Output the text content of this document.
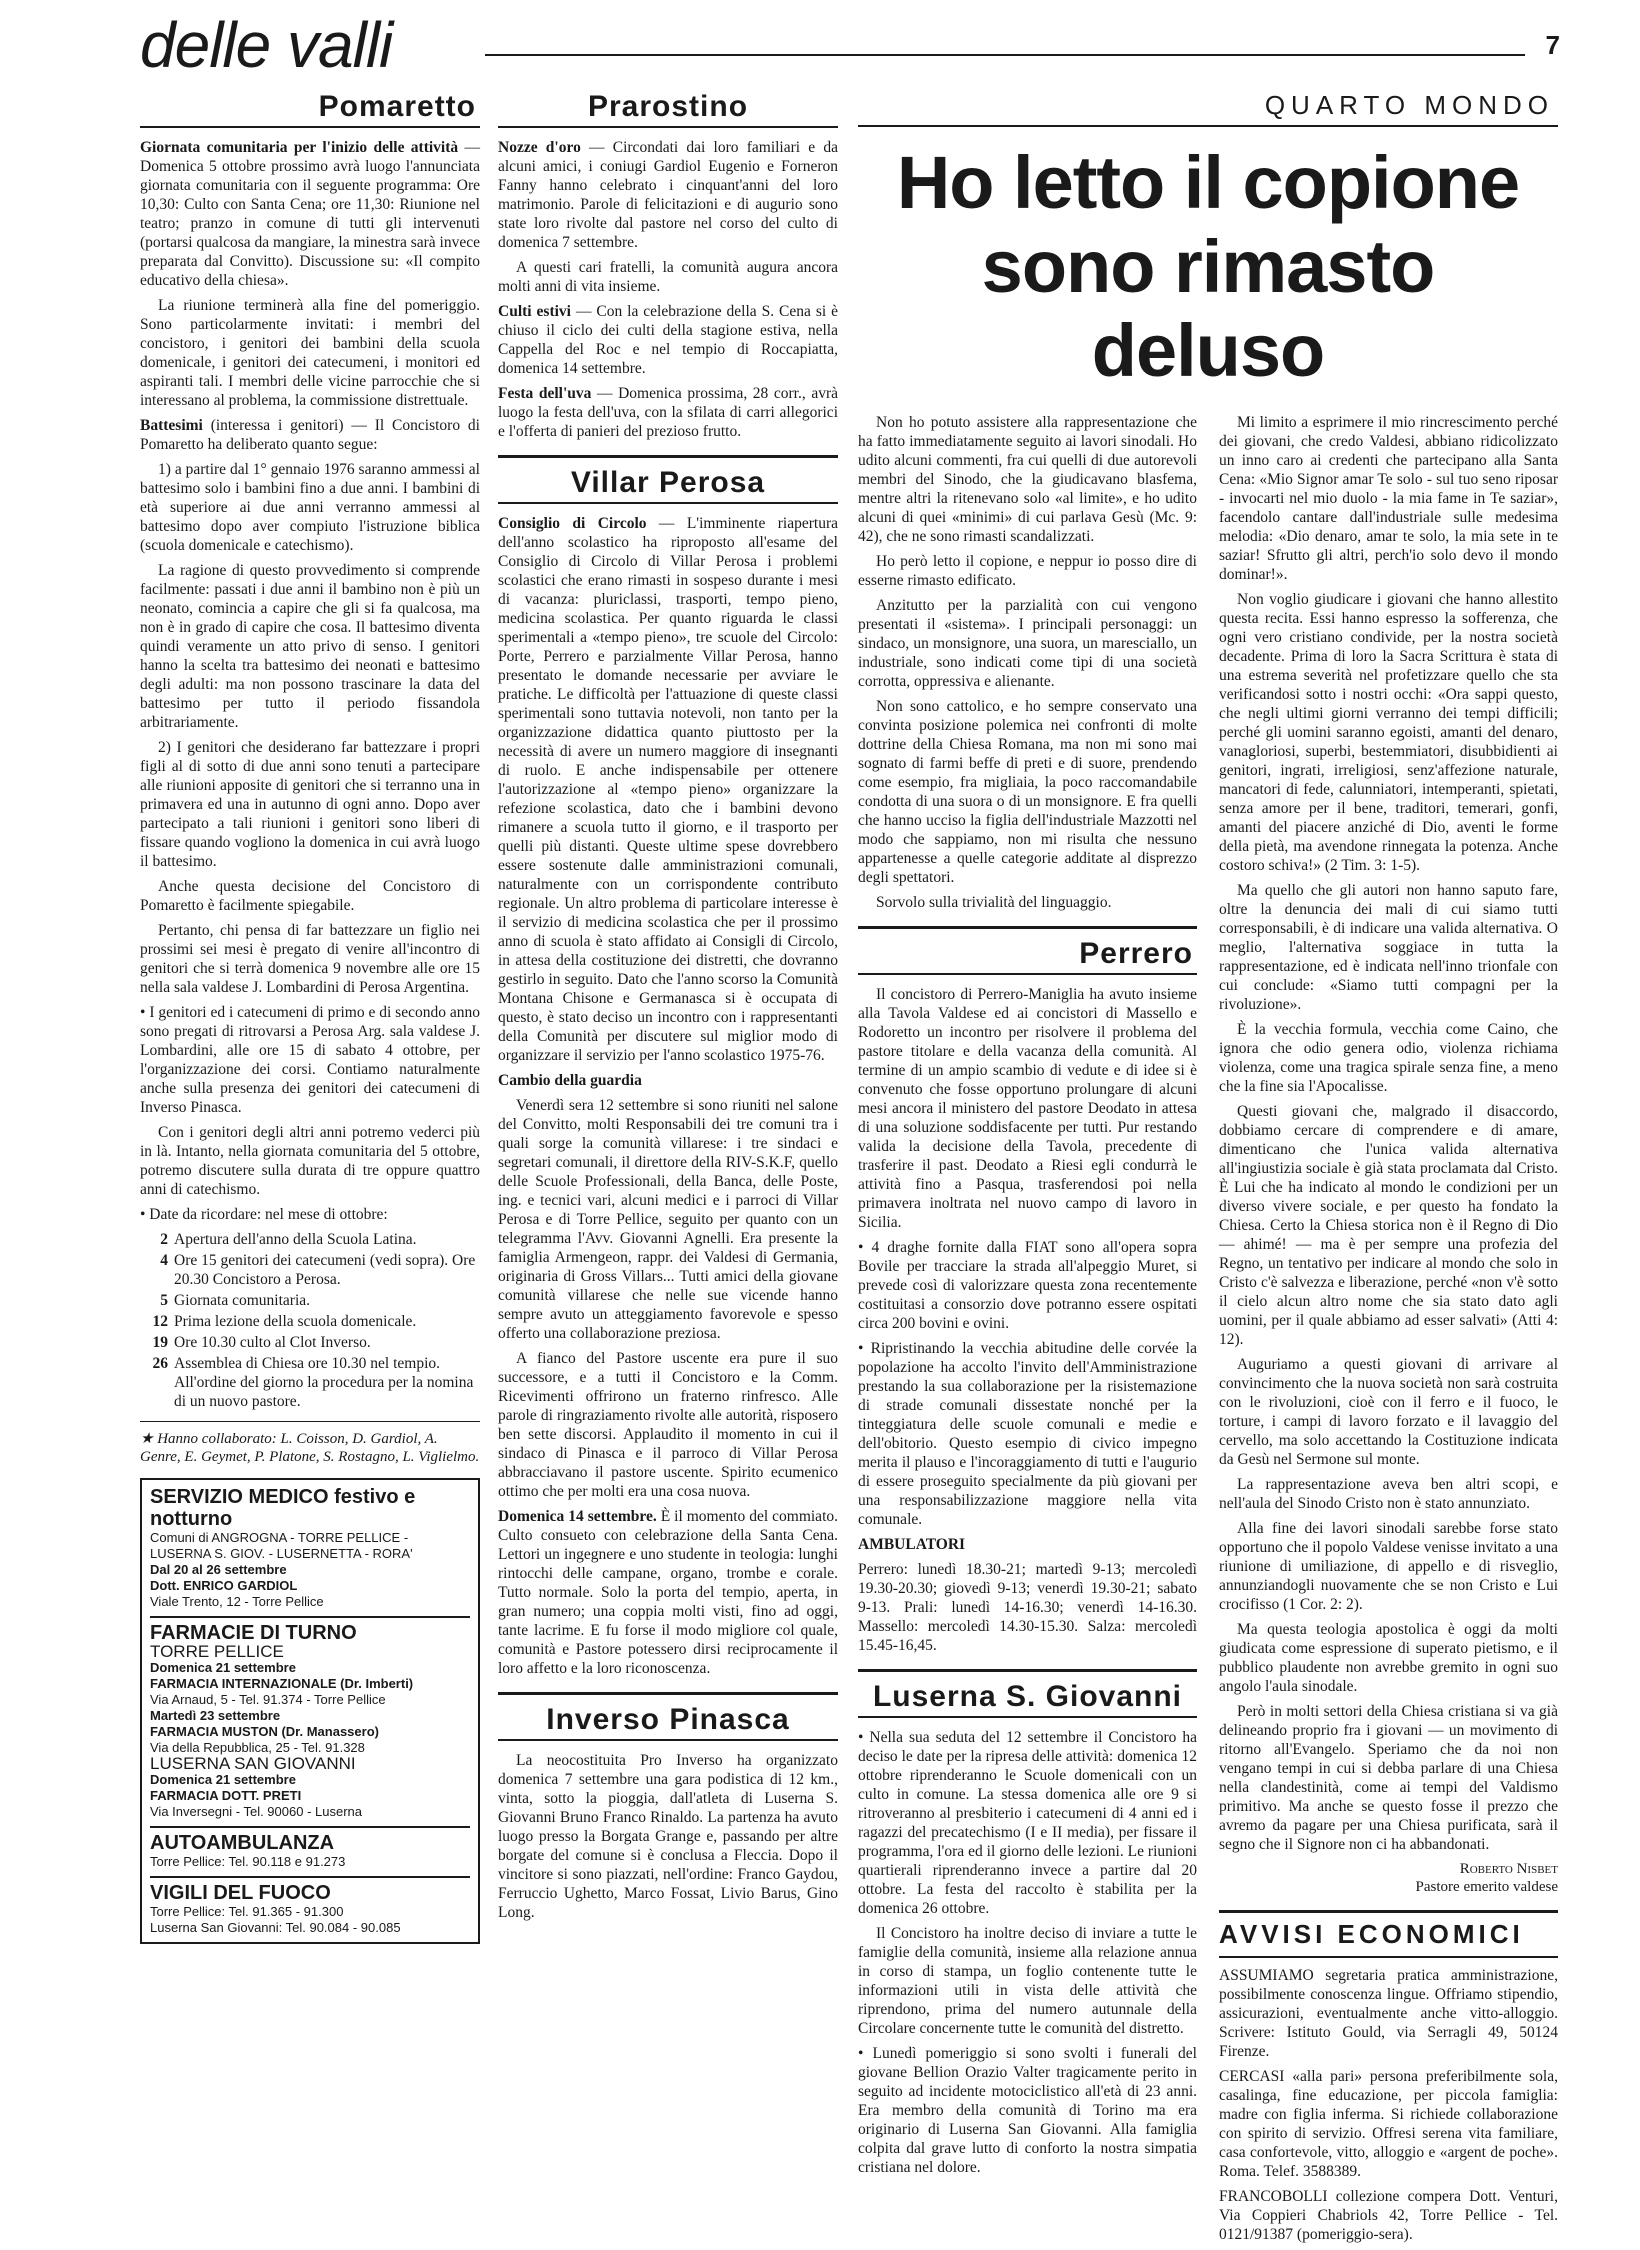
delle valli	7
Pomaretto

Giornata comunitaria per l'inizio delle attività — Domenica 5 ottobre prossimo avrà luogo l'annunciata giornata comunitaria con il seguente programma: Ore 10,30: Culto con Santa Cena; ore 11,30: Riunione nel teatro; pranzo in comune di tutti gli intervenuti (portarsi qualcosa da mangiare, la minestra sarà invece preparata dal Convitto). Discussione su: «Il compito educativo della chiesa».

La riunione terminerà alla fine del pomeriggio. Sono particolarmente invitati: i membri del concistoro, i genitori dei bambini della scuola domenicale, i genitori dei catecumeni, i monitori ed aspiranti tali. I membri delle vicine parrocchie che si interessano al problema, la commissione distrettuale.

Battesimi (interessa i genitori) — Il Concistoro di Pomaretto ha deliberato quanto segue:

1) a partire dal 1° gennaio 1976 saranno ammessi al battesimo solo i bambini fino a due anni. I bambini di età superiore ai due anni verranno ammessi al battesimo dopo aver compiuto l'istruzione biblica (scuola domenicale e catechismo).

La ragione di questo provvedimento si comprende facilmente: passati i due anni il bambino non è più un neonato, comincia a capire che gli si fa qualcosa, ma non è in grado di capire che cosa. Il battesimo diventa quindi veramente un atto privo di senso. I genitori hanno la scelta tra battesimo dei neonati e battesimo degli adulti: ma non possono trascinare la data del battesimo per tutto il periodo fissandola arbitrariamente.

2) I genitori che desiderano far battezzare i propri figli al di sotto di due anni sono tenuti a partecipare alle riunioni apposite di genitori che si terranno una in primavera ed una in autunno di ogni anno. Dopo aver partecipato a tali riunioni i genitori sono liberi di fissare quando vogliono la domenica in cui avrà luogo il battesimo.

Anche questa decisione del Concistoro di Pomaretto è facilmente spiegabile.

Pertanto, chi pensa di far battezzare un figlio nei prossimi sei mesi è pregato di venire all'incontro di genitori che si terrà domenica 9 novembre alle ore 15 nella sala valdese J. Lombardini di Perosa Argentina.

• I genitori ed i catecumeni di primo e di secondo anno sono pregati di ritrovarsi a Perosa Arg. sala valdese J. Lombardini, alle ore 15 di sabato 4 ottobre, per l'organizzazione dei corsi. Contiamo naturalmente anche sulla presenza dei genitori dei catecumeni di Inverso Pinasca.

Con i genitori degli altri anni potremo vederci più in là. Intanto, nella giornata comunitaria del 5 ottobre, potremo discutere sulla durata di tre oppure quattro anni di catechismo.

• Date da ricordare: nel mese di ottobre:

2 Apertura dell'anno della Scuola Latina.
4 Ore 15 genitori dei catecumeni (vedi sopra). Ore 20.30 Concistoro a Perosa.
5 Giornata comunitaria.
12 Prima lezione della scuola domenicale.
19 Ore 10.30 culto al Clot Inverso.
26 Assemblea di Chiesa ore 10.30 nel tempio. All'ordine del giorno la procedura per la nomina di un nuovo pastore.
★ Hanno collaborato: L. Coisson, D. Gardiol, A. Genre, E. Geymet, P. Platone, S. Rostagno, L. Viglielmo.
SERVIZIO MEDICO festivo e notturno
Comuni di ANGROGNA - TORRE PELLICE -
LUSERNA S. GIOV. - LUSERNETTA - RORA'
Dal 20 al 26 settembre
Dott. ENRICO GARDIOL
Viale Trento, 12 - Torre Pellice
FARMACIE DI TURNO
TORRE PELLICE
Domenica 21 settembre
FARMACIA INTERNAZIONALE (Dr. Imberti)
Via Arnaud, 5 - Tel. 91.374 - Torre Pellice
Martedì 23 settembre
FARMACIA MUSTON (Dr. Manassero)
Via della Repubblica, 25 - Tel. 91.328
LUSERNA SAN GIOVANNI
Domenica 21 settembre
FARMACIA DOTT. PRETI
Via Inversegni - Tel. 90060 - Luserna
AUTOAMBULANZA
Torre Pellice: Tel. 90.118 e 91.273
VIGILI DEL FUOCO
Torre Pellice: Tel. 91.365 - 91.300
Luserna San Giovanni: Tel. 90.084 - 90.085
Prarostino

Nozze d'oro — Circondati dai loro familiari e da alcuni amici, i coniugi Gardiol Eugenio e Forneron Fanny hanno celebrato i cinquant'anni del loro matrimonio. Parole di felicitazioni e di augurio sono state loro rivolte dal pastore nel corso del culto di domenica 7 settembre.

A questi cari fratelli, la comunità augura ancora molti anni di vita insieme.

Culti estivi — Con la celebrazione della S. Cena si è chiuso il ciclo dei culti della stagione estiva, nella Cappella del Roc e nel tempio di Roccapiatta, domenica 14 settembre.

Festa dell'uva — Domenica prossima, 28 corr., avrà luogo la festa dell'uva, con la sfilata di carri allegorici e l'offerta di panieri del prezioso frutto.

Villar Perosa

Consiglio di Circolo — L'imminente riapertura dell'anno scolastico ha riproposto all'esame del Consiglio di Circolo di Villar Perosa i problemi scolastici che erano rimasti in sospeso durante i mesi di vacanza: pluriclassi, trasporti, tempo pieno, medicina scolastica. Per quanto riguarda le classi sperimentali a «tempo pieno», tre scuole del Circolo: Porte, Perrero e parzialmente Villar Perosa, hanno presentato le domande necessarie per avviare le pratiche. Le difficoltà per l'attuazione di queste classi sperimentali sono tuttavia notevoli, non tanto per la organizzazione didattica quanto piuttosto per la necessità di avere un numero maggiore di insegnanti di ruolo. E anche indispensabile per ottenere l'autorizzazione al «tempo pieno» organizzare la refezione scolastica, dato che i bambini devono rimanere a scuola tutto il giorno, e il trasporto per quelli più distanti. Queste ultime spese dovrebbero essere sostenute dalle amministrazioni comunali, naturalmente con un corrispondente contributo regionale. Un altro problema di particolare interesse è il servizio di medicina scolastica che per il prossimo anno di scuola è stato affidato ai Consigli di Circolo, in attesa della costituzione dei distretti, che dovranno gestirlo in seguito. Dato che l'anno scorso la Comunità Montana Chisone e Germanasca si è occupata di questo, è stato deciso un incontro con i rappresentanti della Comunità per discutere sul miglior modo di organizzare il servizio per l'anno scolastico 1975-76.

Cambio della guardia

Venerdì sera 12 settembre si sono riuniti nel salone del Convitto, molti Responsabili dei tre comuni tra i quali sorge la comunità villarese: i tre sindaci e segretari comunali, il direttore della RIV-S.K.F, quello delle Scuole Professionali, della Banca, delle Poste, ing. e tecnici vari, alcuni medici e i parroci di Villar Perosa e di Torre Pellice, seguito per quanto con un telegramma l'Avv. Giovanni Agnelli. Era presente la famiglia Armengeon, rappr. dei Valdesi di Germania, originaria di Gross Villars... Tutti amici della giovane comunità villarese che nelle sue vicende hanno sempre avuto un atteggiamento favorevole e spesso offerto una collaborazione preziosa.

A fianco del Pastore uscente era pure il suo successore, e a tutti il Concistoro e la Comm. Ricevimenti offrirono un fraterno rinfresco. Alle parole di ringraziamento rivolte alle autorità, risposero ben sette discorsi. Applaudito il momento in cui il sindaco di Pinasca e il parroco di Villar Perosa abbracciavano il pastore uscente. Spirito ecumenico ottimo che per molti era una cosa nuova.

Domenica 14 settembre. È il momento del commiato. Culto consueto con celebrazione della Santa Cena. Lettori un ingegnere e uno studente in teologia: lunghi rintocchi delle campane, organo, trombe e corale. Tutto normale. Solo la porta del tempio, aperta, in gran numero; una coppia molti visti, fino ad oggi, tante lacrime. E fu forse il modo migliore col quale, comunità e Pastore potessero dirsi reciprocamente il loro affetto e la loro riconoscenza.

Inverso Pinasca

La neocostituita Pro Inverso ha organizzato domenica 7 settembre una gara podistica di 12 km., vinta, sotto la pioggia, dall'atleta di Luserna S. Giovanni Bruno Franco Rinaldo. La partenza ha avuto luogo presso la Borgata Grange e, passando per altre borgate del comune si è conclusa a Fleccia. Dopo il vincitore si sono piazzati, nell'ordine: Franco Gaydou, Ferruccio Ughetto, Marco Fossat, Livio Barus, Gino Long.

QUARTO MONDO
Ho letto il copione sono rimasto deluso

Non ho potuto assistere alla rappresentazione che ha fatto immediatamente seguito ai lavori sinodali. Ho udito alcuni commenti, fra cui quelli di due autorevoli membri del Sinodo, che la giudicavano blasfema, mentre altri la ritenevano solo «al limite», e ho udito alcuni di quei «minimi» di cui parlava Gesù (Mc. 9: 42), che ne sono rimasti scandalizzati.

Ho però letto il copione, e neppur io posso dire di esserne rimasto edificato.

Anzitutto per la parzialità con cui vengono presentati il «sistema». I principali personaggi: un sindaco, un monsignore, una suora, un maresciallo, un industriale, sono indicati come tipi di una società corrotta, oppressiva e alienante.

Non sono cattolico, e ho sempre conservato una convinta posizione polemica nei confronti di molte dottrine della Chiesa Romana, ma non mi sono mai sognato di farmi beffe di preti e di suore, prendendo come esempio, fra migliaia, la poco raccomandabile condotta di una suora o di un monsignore. E fra quelli che hanno ucciso la figlia dell'industriale Mazzotti nel modo che sappiamo, non mi risulta che nessuno appartenesse a quelle categorie additate al disprezzo degli spettatori.

Sorvolo sulla trivialità del linguaggio.

Perrero

Il concistoro di Perrero-Maniglia ha avuto insieme alla Tavola Valdese ed ai concistori di Massello e Rodoretto un incontro per risolvere il problema del pastore titolare e della vacanza della comunità. Al termine di un ampio scambio di vedute e di idee si è convenuto che fosse opportuno prolungare di alcuni mesi ancora il ministero del pastore Deodato in attesa di una soluzione soddisfacente per tutti. Pur restando valida la decisione della Tavola, precedente di trasferire il past. Deodato a Riesi egli condurrà le attività fino a Pasqua, trasferendosi poi nella primavera inoltrata nel nuovo campo di lavoro in Sicilia.

• 4 draghe fornite dalla FIAT sono all'opera sopra Bovile per tracciare la strada all'alpeggio Muret, si prevede così di valorizzare questa zona recentemente costituitasi a consorzio dove potranno essere ospitati circa 200 bovini e ovini.

• Ripristinando la vecchia abitudine delle corvée la popolazione ha accolto l'invito dell'Amministrazione prestando la sua collaborazione per la risistemazione di strade comunali dissestate nonché per la tinteggiatura delle scuole comunali e medie e dell'obitorio. Questo esempio di civico impegno merita il plauso e l'incoraggiamento di tutti e l'augurio di essere proseguito specialmente da più giovani per una responsabilizzazione maggiore nella vita comunale.

AMBULATORI

Perrero: lunedì 18.30-21; martedì 9-13; mercoledì 19.30-20.30; giovedì 9-13; venerdì 19.30-21; sabato 9-13. Prali: lunedì 14-16.30; venerdì 14-16.30. Massello: mercoledì 14.30-15.30. Salza: mercoledì 15.45-16,45.

Luserna S. Giovanni

• Nella sua seduta del 12 settembre il Concistoro ha deciso le date per la ripresa delle attività: domenica 12 ottobre riprenderanno le Scuole domenicali con un culto in comune. La stessa domenica alle ore 9 si ritroveranno al presbiterio i catecumeni di 4 anni ed i ragazzi del precatechismo (I e II media), per fissare il programma, l'ora ed il giorno delle lezioni. Le riunioni quartierali riprenderanno invece a partire dal 20 ottobre. La festa del raccolto è stabilita per la domenica 26 ottobre.

Il Concistoro ha inoltre deciso di inviare a tutte le famiglie della comunità, insieme alla relazione annua in corso di stampa, un foglio contenente tutte le informazioni utili in vista delle attività che riprendono, prima del numero autunnale della Circolare concernente tutte le comunità del distretto.

• Lunedì pomeriggio si sono svolti i funerali del giovane Bellion Orazio Valter tragicamente perito in seguito ad incidente motociclistico all'età di 23 anni. Era membro della comunità di Torino ma era originario di Luserna San Giovanni. Alla famiglia colpita dal grave lutto di conforto la nostra simpatia cristiana nel dolore.

Mi limito a esprimere il mio rincrescimento perché dei giovani, che credo Valdesi, abbiano ridicolizzato un inno caro ai credenti che partecipano alla Santa Cena: «Mio Signor amar Te solo - sul tuo seno riposar - invocarti nel mio duolo - la mia fame in Te saziar», facendolo cantare dall'industriale sulle medesima melodia: «Dio denaro, amar te solo, la mia sete in te saziar! Sfrutto gli altri, perch'io solo devo il mondo dominar!».

Non voglio giudicare i giovani che hanno allestito questa recita. Essi hanno espresso la sofferenza, che ogni vero cristiano condivide, per la nostra società decadente. Prima di loro la Sacra Scrittura è stata di una estrema severità nel profetizzare quello che sta verificandosi sotto i nostri occhi: «Ora sappi questo, che negli ultimi giorni verranno dei tempi difficili; perché gli uomini saranno egoisti, amanti del denaro, vanagloriosi, superbi, bestemmiatori, disubbidienti ai genitori, ingrati, irreligiosi, senz'affezione naturale, mancatori di fede, calunniatori, intemperanti, spietati, senza amore per il bene, traditori, temerari, gonfi, amanti del piacere anziché di Dio, aventi le forme della pietà, ma avendone rinnegata la potenza. Anche costoro schiva!» (2 Tim. 3: 1-5).

Ma quello che gli autori non hanno saputo fare, oltre la denuncia dei mali di cui siamo tutti corresponsabili, è di indicare una valida alternativa. O meglio, l'alternativa soggiace in tutta la rappresentazione, ed è indicata nell'inno trionfale con cui conclude: «Siamo tutti compagni per la rivoluzione».

È la vecchia formula, vecchia come Caino, che ignora che odio genera odio, violenza richiama violenza, come una tragica spirale senza fine, a meno che la fine sia l'Apocalisse.

Questi giovani che, malgrado il disaccordo, dobbiamo cercare di comprendere e di amare, dimenticano che l'unica valida alternativa all'ingiustizia sociale è già stata proclamata dal Cristo. È Lui che ha indicato al mondo le condizioni per un diverso vivere sociale, e per questo ha fondato la Chiesa. Certo la Chiesa storica non è il Regno di Dio — ahimé! — ma è per sempre una profezia del Regno, un tentativo per indicare al mondo che solo in Cristo c'è salvezza e liberazione, perché «non v'è sotto il cielo alcun altro nome che sia stato dato agli uomini, per il quale abbiamo ad esser salvati» (Atti 4: 12).

Auguriamo a questi giovani di arrivare al convincimento che la nuova società non sarà costruita con le rivoluzioni, cioè con il ferro e il fuoco, le torture, i campi di lavoro forzato e il lavaggio del cervello, ma solo accettando la Costituzione indicata da Gesù nel Sermone sul monte.

La rappresentazione aveva ben altri scopi, e nell'aula del Sinodo Cristo non è stato annunziato.

Alla fine dei lavori sinodali sarebbe forse stato opportuno che il popolo Valdese venisse invitato a una riunione di umiliazione, di appello e di risveglio, annunziandogli nuovamente che se non Cristo e Lui crocifisso (1 Cor. 2: 2).

Ma questa teologia apostolica è oggi da molti giudicata come espressione di superato pietismo, e il pubblico plaudente non avrebbe gremito in ogni suo angolo l'aula sinodale.

Però in molti settori della Chiesa cristiana si va già delineando proprio fra i giovani — un movimento di ritorno all'Evangelo. Speriamo che da noi non vengano tempi in cui si debba parlare di una Chiesa nella clandestinità, come ai tempi del Valdismo primitivo. Ma anche se questo fosse il prezzo che avremo da pagare per una Chiesa purificata, sarà il segno che il Signore non ci ha abbandonati.

Roberto Nisbet
Pastore emerito valdese
AVVISI ECONOMICI

ASSUMIAMO segretaria pratica amministrazione, possibilmente conoscenza lingue. Offriamo stipendio, assicurazioni, eventualmente anche vitto-alloggio. Scrivere: Istituto Gould, via Serragli 49, 50124 Firenze.

CERCASI «alla pari» persona preferibilmente sola, casalinga, fine educazione, per piccola famiglia: madre con figlia inferma. Si richiede collaborazione con spirito di servizio. Offresi serena vita familiare, casa confortevole, vitto, alloggio e «argent de poche». Roma. Telef. 3588389.

FRANCOBOLLI collezione compera Dott. Venturi, Via Coppieri Chabriols 42, Torre Pellice - Tel. 0121/91387 (pomeriggio-sera).
